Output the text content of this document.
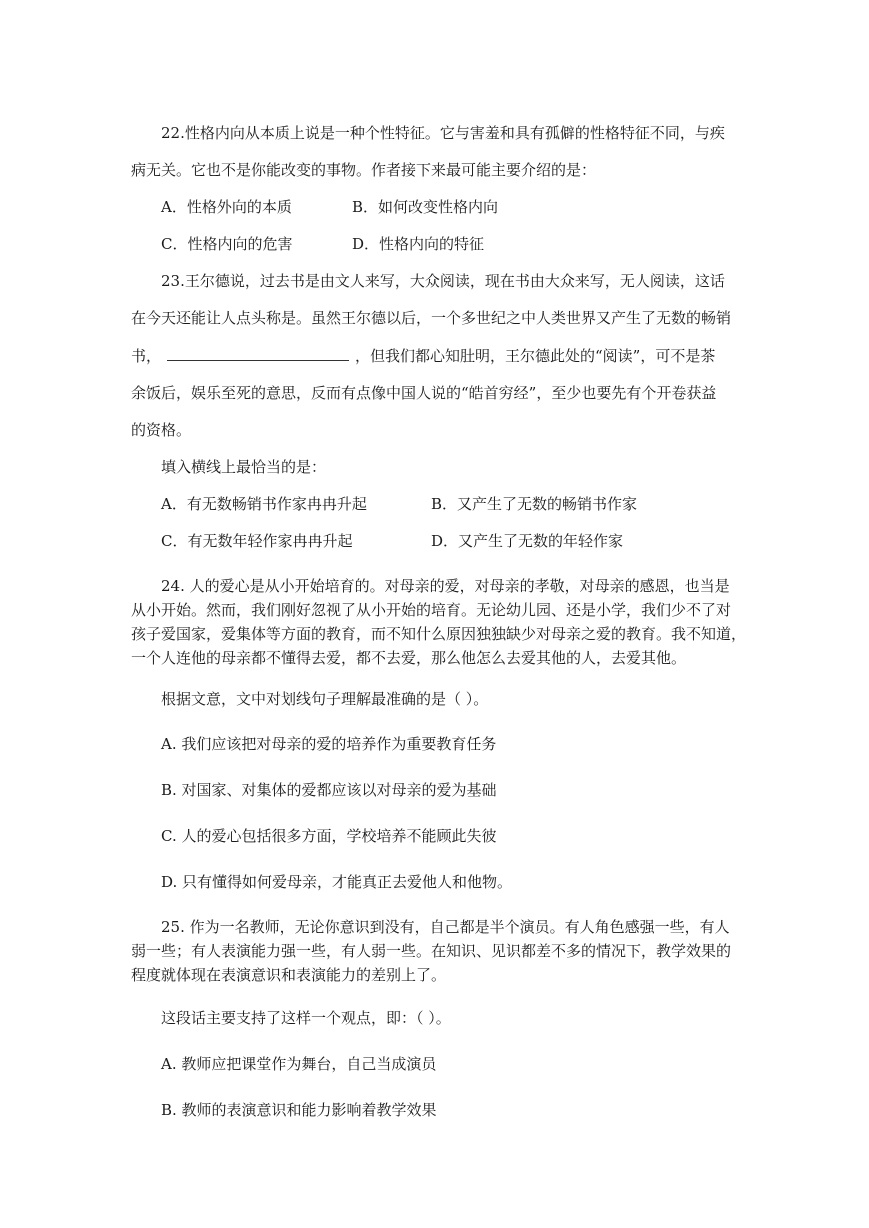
22.性格内向从本质上说是一种个性特征。它与害羞和具有孤僻的性格特征不同，与疾
病无关。它也不是你能改变的事物。作者接下来最可能主要介绍的是：
A．性格外向的本质	B．如何改变性格内向
C．性格内向的危害	D．性格内向的特征
23.王尔德说，过去书是由文人来写，大众阅读，现在书由大众来写，无人阅读，这话
在今天还能让人点头称是。虽然王尔德以后，一个多世纪之中人类世界又产生了无数的畅销
书，	，但我们都心知肚明，王尔德此处的“阅读”，可不是茶
余饭后，娱乐至死的意思，反而有点像中国人说的“皓首穷经”，至少也要先有个开卷获益
的资格。
填入横线上最恰当的是：
A．有无数畅销书作家冉冉升起	B．又产生了无数的畅销书作家
C．有无数年轻作家冉冉升起	D．又产生了无数的年轻作家
24. 人的爱心是从小开始培育的。对母亲的爱，对母亲的孝敬，对母亲的感恩，也当是
从小开始。然而，我们刚好忽视了从小开始的培育。无论幼儿园、还是小学，我们少不了对
孩子爱国家，爱集体等方面的教育，而不知什么原因独独缺少对母亲之爱的教育。我不知道，
一个人连他的母亲都不懂得去爱，都不去爱，那么他怎么去爱其他的人，去爱其他。
根据文意，文中对划线句子理解最准确的是（ ）。
A. 我们应该把对母亲的爱的培养作为重要教育任务
B. 对国家、对集体的爱都应该以对母亲的爱为基础
C. 人的爱心包括很多方面，学校培养不能顾此失彼
D. 只有懂得如何爱母亲，才能真正去爱他人和他物。
25. 作为一名教师，无论你意识到没有，自己都是半个演员。有人角色感强一些，有人
弱一些；有人表演能力强一些，有人弱一些。在知识、见识都差不多的情况下，教学效果的
程度就体现在表演意识和表演能力的差别上了。
这段话主要支持了这样一个观点，即：（ ）。
A. 教师应把课堂作为舞台，自己当成演员
B. 教师的表演意识和能力影响着教学效果
